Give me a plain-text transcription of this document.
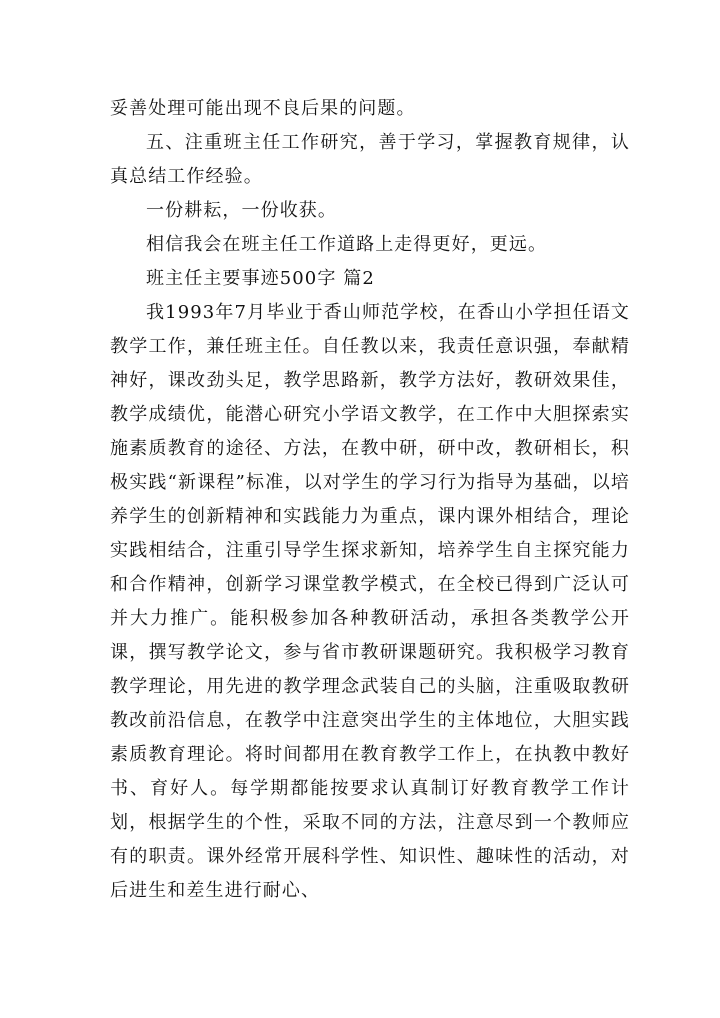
妥善处理可能出现不良后果的问题。

五、注重班主任工作研究，善于学习，掌握教育规律，认真总结工作经验。

一份耕耘，一份收获。

相信我会在班主任工作道路上走得更好，更远。

班主任主要事迹500字 篇2

我1993年7月毕业于香山师范学校，在香山小学担任语文教学工作，兼任班主任。自任教以来，我责任意识强，奉献精神好，课改劲头足，教学思路新，教学方法好，教研效果佳，教学成绩优，能潜心研究小学语文教学，在工作中大胆探索实施素质教育的途径、方法，在教中研，研中改，教研相长，积极实践“新课程”标准，以对学生的学习行为指导为基础，以培养学生的创新精神和实践能力为重点，课内课外相结合，理论实践相结合，注重引导学生探求新知，培养学生自主探究能力和合作精神，创新学习课堂教学模式，在全校已得到广泛认可并大力推广。能积极参加各种教研活动，承担各类教学公开课，撰写教学论文，参与省市教研课题研究。我积极学习教育教学理论，用先进的教学理念武装自己的头脑，注重吸取教研教改前沿信息，在教学中注意突出学生的主体地位，大胆实践素质教育理论。将时间都用在教育教学工作上，在执教中教好书、育好人。每学期都能按要求认真制订好教育教学工作计划，根据学生的个性，采取不同的方法，注意尽到一个教师应有的职责。课外经常开展科学性、知识性、趣味性的活动，对后进生和差生进行耐心、
